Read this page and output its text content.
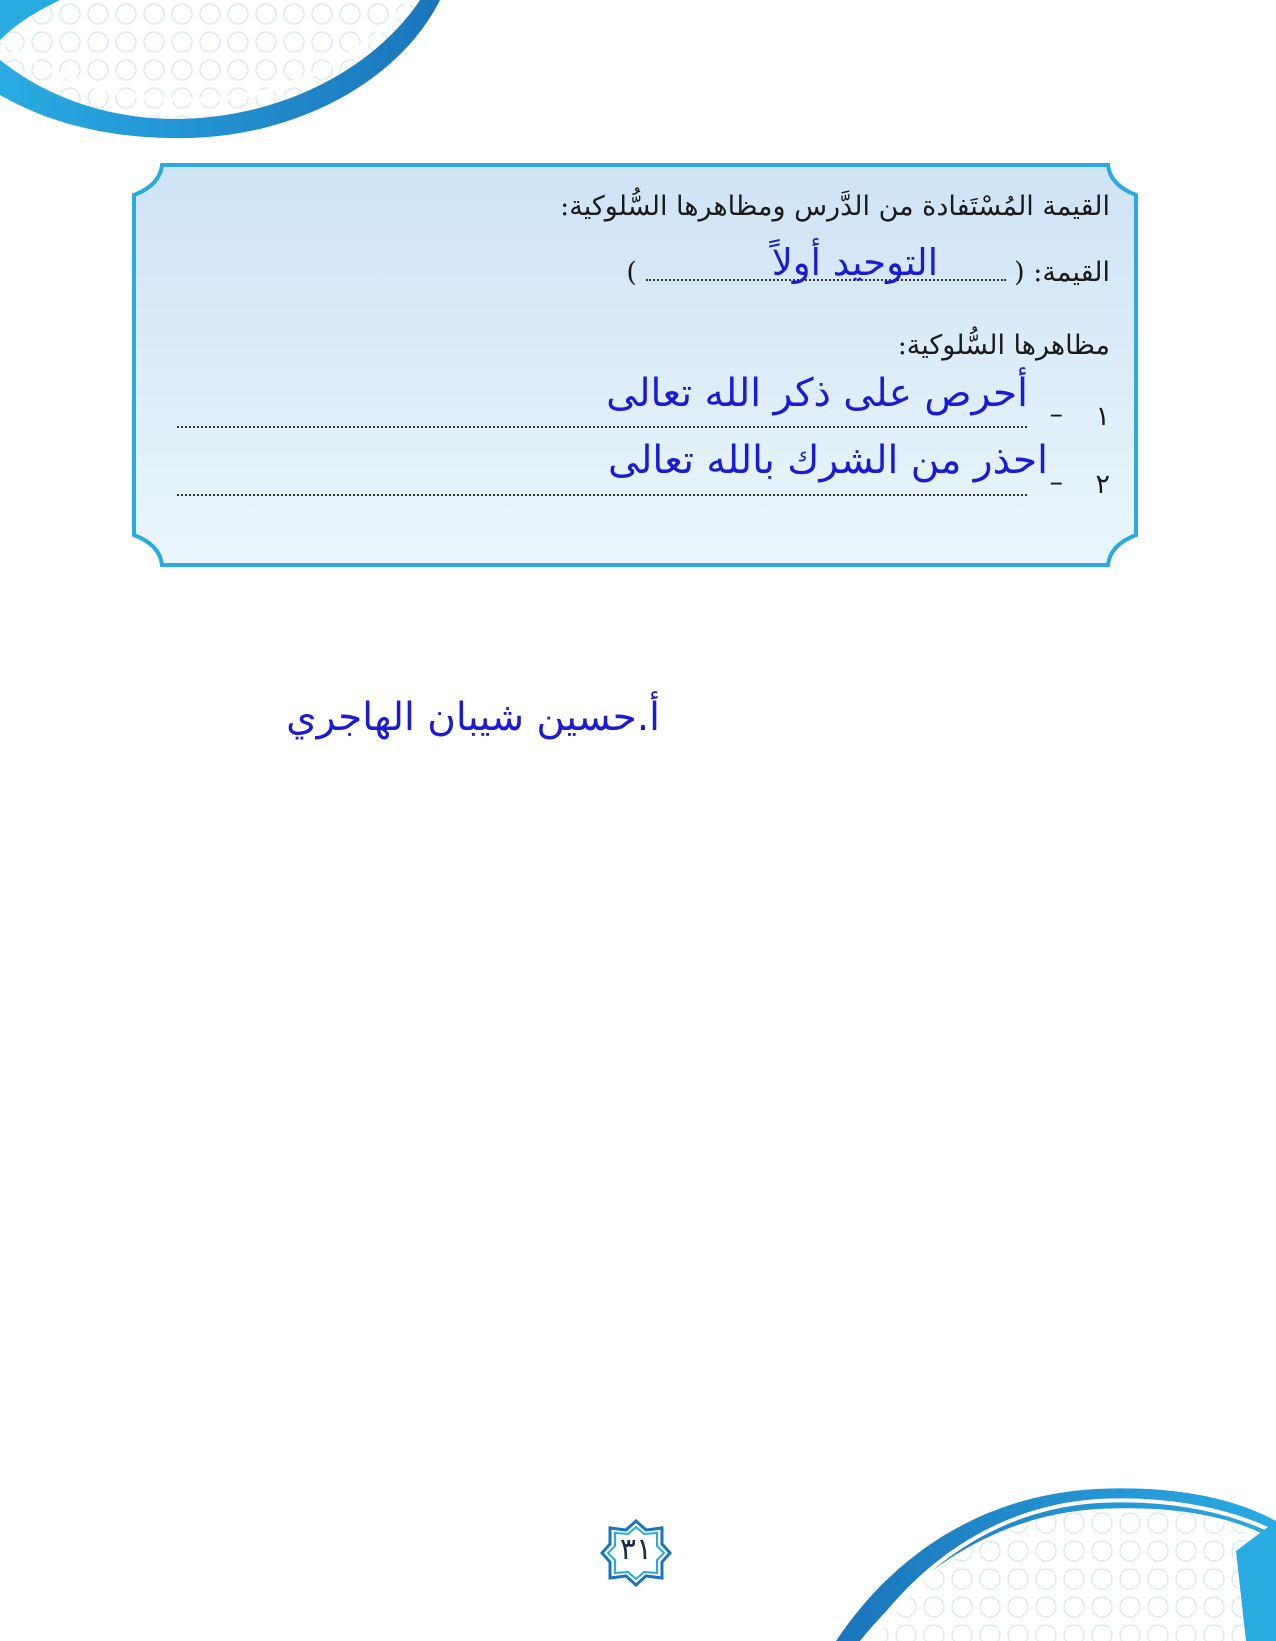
القيمة المُسْتَفادة من الدَّرس ومظاهرها السُّلوكية:
القيمة: (  )	التوحيد أولاً
مظاهرها السُّلوكية:
١
–
أحرص على ذكر الله تعالى
٢
–
احذر من الشرك بالله تعالى
أ.حسين شيبان الهاجري
٣١
